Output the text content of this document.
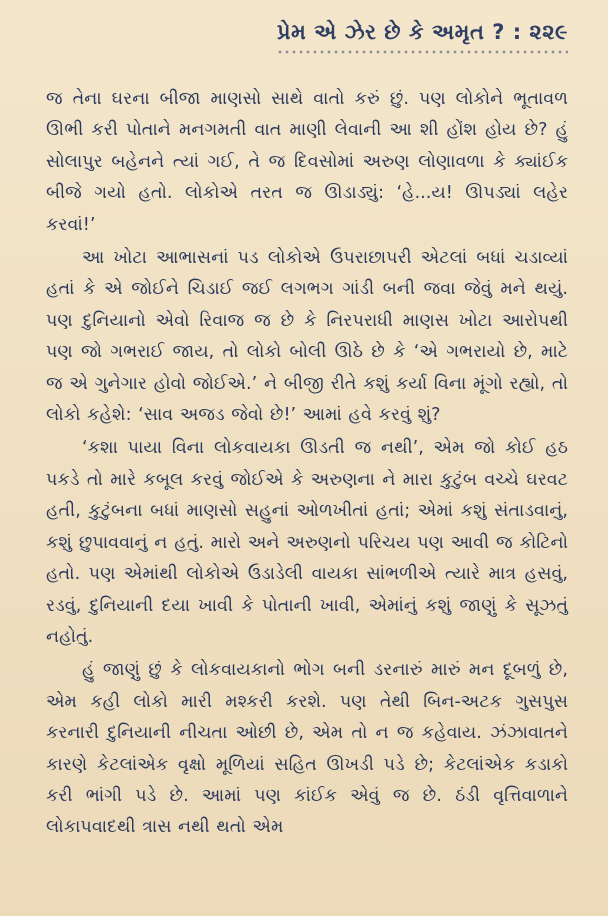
પ્રેમ એ ઝેર છે કે અમૃત ? : ૨૨૯

જ તેના ઘરના બીજા માણસો સાથે વાતો કરું છું. પણ લોકોને ભૂતાવળ ઊભી કરી પોતાને મનગમતી વાત માણી લેવાની આ શી હોંશ હોય છે? હું સોલાપુર બહેનને ત્યાં ગઈ, તે જ દિવસોમાં અરુણ લોણાવળા કે ક્યાંઈક બીજે ગયો હતો. લોકોએ તરત જ ઊડાડ્યું: ‘હે...ય! ઊપડ્યાં લહેર કરવાં!’

આ ખોટા આભાસનાં પડ લોકોએ ઉપરાછાપરી એટલાં બધાં ચડાવ્યાં હતાં કે એ જોઈને ચિડાઈ જઈ લગભગ ગાંડી બની જવા જેવું મને થયું. પણ દુનિયાનો એવો રિવાજ જ છે કે નિરપરાધી માણસ ખોટા આરોપથી પણ જો ગભરાઈ જાય, તો લોકો બોલી ઊઠે છે કે ‘એ ગભરાયો છે, માટે જ એ ગુનેગાર હોવો જોઈએ.’ ને બીજી રીતે કશું કર્યા વિના મૂંગો રહ્યો, તો લોકો કહેશે: ‘સાવ અજડ જેવો છે!’ આમાં હવે કરવું શું?

‘કશા પાયા વિના લોકવાયકા ઊડતી જ નથી’, એમ જો કોઈ હઠ પકડે તો મારે કબૂલ કરવું જોઈએ કે અરુણના ને મારા કુટુંબ વચ્ચે ઘરવટ હતી, કુટુંબના બધાં માણસો સહુનાં ઓળખીતાં હતાં; એમાં કશું સંતાડવાનું, કશું છુપાવવાનું ન હતું. મારો અને અરુણનો પરિચય પણ આવી જ કોટિનો હતો. પણ એમાંથી લોકોએ ઉડાડેલી વાયકા સાંભળીએ ત્યારે માત્ર હસવું, રડવું, દુનિયાની દયા ખાવી કે પોતાની ખાવી, એમાંનું કશું જાણું કે સૂઝતું નહોતું.

હું જાણું છું કે લોકવાયકાનો ભોગ બની ડરનારું મારું મન દૂબળું છે, એમ કહી લોકો મારી મશ્કરી કરશે. પણ તેથી બિન-અટક ગુસપુસ કરનારી દુનિયાની નીચતા ઓછી છે, એમ તો ન જ કહેવાય. ઝંઝાવાતને કારણે કેટલાંએક વૃક્ષો મૂળિયાં સહિત ઊખડી પડે છે; કેટલાંએક કડાકો કરી ભાંગી પડે છે. આમાં પણ કાંઈક એવું જ છે. ઠંડી વૃત્તિવાળાને લોકાપવાદથી ત્રાસ નથી થતો એમ
